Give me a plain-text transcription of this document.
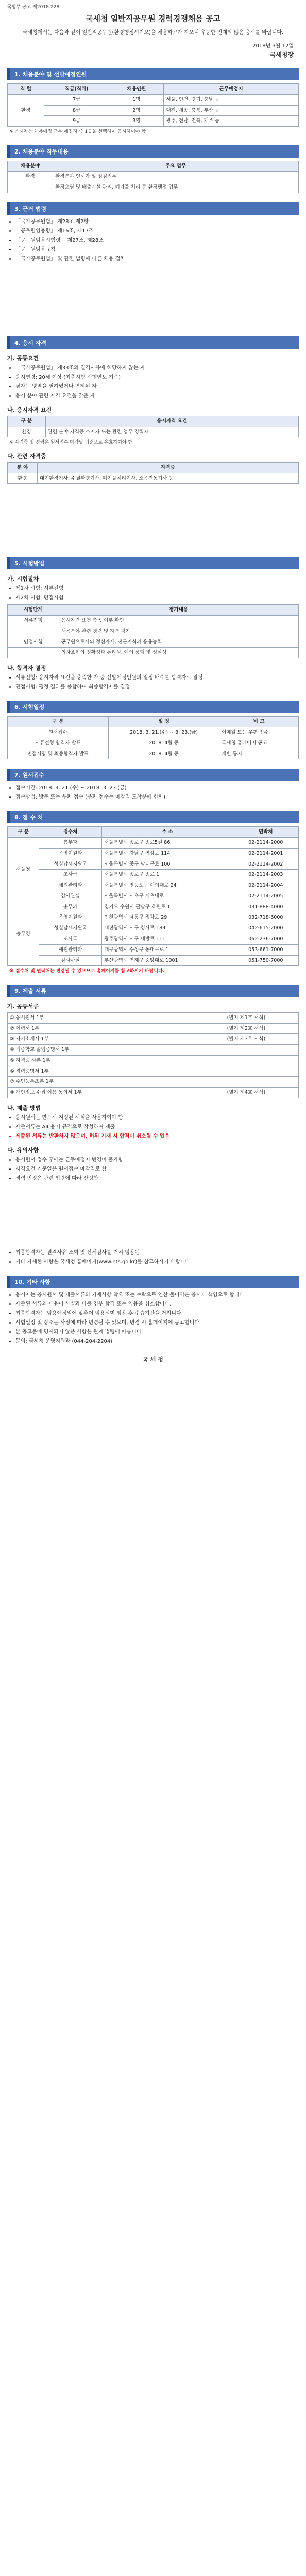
국방부 공고 제2018-228
국세청 일반직공무원 경력경쟁채용 공고

국세청에서는 다음과 같이 일반직공무원(환경행정서기보)을 채용하고자 하오니 유능한 인재의 많은 응시를 바랍니다.

2018년 3월 12일
국세청장
1. 채용분야 및 선발예정인원
직 렬	직급(직위)	채용인원	근무예정지
환경	7급	1명	서울, 인천, 경기, 충남 등
	8급	2명	대전, 세종, 충북, 부산 등
	9급	3명	광주, 전남, 전북, 제주 등
※ 응시자는 채용예정 근무 예정지 중 1곳을 선택하여 응시하여야 함
2. 채용분야 직무내용
채용분야	주요 업무
환경	환경분야 인허가 및 점검업무
	환경오염 및 배출시설 관리, 폐기물 처리 등 환경행정 업무
3. 근거 법령
• 「국가공무원법」 제28조 제2항
• 「공무원임용령」 제16조, 제17조
• 「공무원임용시험령」 제27조, 제28조
• 「공무원임용규칙」
• 「국가공무원법」 및 관련 법령에 따른 채용 절차
4. 응시 자격
가. 공통요건
• 「국가공무원법」 제33조의 결격사유에 해당하지 않는 자
• 응시연령: 20세 이상 (최종시험 시행연도 기준)
• 남자는 병역을 필하였거나 면제된 자
• 응시 분야 관련 자격 요건을 갖춘 자
나. 응시자격 요건
구 분	응시자격 요건
환경	관련 분야 자격증 소지자 또는 관련 업무 경력자
※ 자격증 및 경력은 원서접수 마감일 기준으로 유효하여야 함
다. 관련 자격증
분 야	자격증
환경	대기환경기사, 수질환경기사, 폐기물처리기사, 소음진동기사 등
5. 시험방법
가. 시험절차
• 제1차 시험: 서류전형
• 제2차 시험: 면접시험
시험단계	평가내용
서류전형	응시자격 요건 충족 여부 확인
	채용분야 관련 경력 및 자격 평가
면접시험	공무원으로서의 정신자세, 전문지식과 응용능력
	의사표현의 정확성과 논리성, 예의·품행 및 성실성
나. 합격자 결정
• 서류전형: 응시자격 요건을 충족한 자 중 선발예정인원의 일정 배수를 합격자로 결정
• 면접시험: 평정 결과를 종합하여 최종합격자를 결정
6. 시험일정
구 분	일 정	비 고
원서접수	2018. 3. 21.(수) ~ 3. 23.(금)	이메일 또는 우편 접수
서류전형 합격자 발표	2018. 4월 중	국세청 홈페이지 공고
면접시험 및 최종합격자 발표	2018. 4월 중	개별 통지
7. 원서접수
• 접수기간: 2018. 3. 21.(수) ~ 2018. 3. 23.(금)
• 접수방법: 방문 또는 우편 접수 (우편 접수는 마감일 도착분에 한함)
8. 접 수 처
구 분	접수처	주 소	연락처
서울청	총무과	서울특별시 종로구 종로5길 86	02-2114-2000
	운영지원과	서울특별시 강남구 역삼로 114	02-2114-2001
	성실납세지원국	서울특별시 중구 남대문로 100	02-2114-2002
	조사국	서울특별시 종로구 종로 1	02-2114-2003
	세원관리과	서울특별시 영등포구 여의대로 24	02-2114-2004
	감사관실	서울특별시 서초구 서초대로 1	02-2114-2005
중부청	총무과	경기도 수원시 팔달구 효원로 1	031-888-4000
	운영지원과	인천광역시 남동구 정각로 29	032-718-6000
	성실납세지원국	대전광역시 서구 청사로 189	042-615-2000
	조사국	광주광역시 서구 내방로 111	062-236-7000
	세원관리과	대구광역시 수성구 동대구로 1	053-661-7000
	감사관실	부산광역시 연제구 중앙대로 1001	051-750-7000
※ 접수처 및 연락처는 변경될 수 있으므로 홈페이지를 참고하시기 바랍니다.
9. 제출 서류
가. 공통서류
① 응시원서 1부	(별지 제1호 서식)
② 이력서 1부	(별지 제2호 서식)
③ 자기소개서 1부	(별지 제3호 서식)
④ 최종학교 졸업증명서 1부	
⑤ 자격증 사본 1부	
⑥ 경력증명서 1부	
⑦ 주민등록초본 1부	
⑧ 개인정보 수집·이용 동의서 1부	(별지 제4호 서식)
나. 제출 방법
• 응시원서는 반드시 지정된 서식을 사용하여야 함
• 제출서류는 A4 용지 규격으로 작성하여 제출
• 제출된 서류는 반환하지 않으며, 허위 기재 시 합격이 취소될 수 있음
다. 유의사항
• 응시원서 접수 후에는 근무예정지 변경이 불가함
• 자격요건 기준일은 원서접수 마감일로 함
• 경력 인정은 관련 법령에 따라 산정함
• 최종합격자는 결격사유 조회 및 신체검사를 거쳐 임용됨
• 기타 자세한 사항은 국세청 홈페이지(www.nts.go.kr)를 참고하시기 바랍니다.
10. 기타 사항
• 응시자는 응시원서 및 제출서류의 기재사항 착오 또는 누락으로 인한 불이익은 응시자 책임으로 합니다.
• 제출된 서류의 내용이 사실과 다를 경우 합격 또는 임용을 취소합니다.
• 최종합격자는 임용예정일에 맞추어 임용되며 임용 후 수습기간을 거칩니다.
• 시험일정 및 장소는 사정에 따라 변경될 수 있으며, 변경 시 홈페이지에 공고합니다.
• 본 공고문에 명시되지 않은 사항은 관계 법령에 따릅니다.
• 문의: 국세청 운영지원과 (044-204-2204)
국 세 청
